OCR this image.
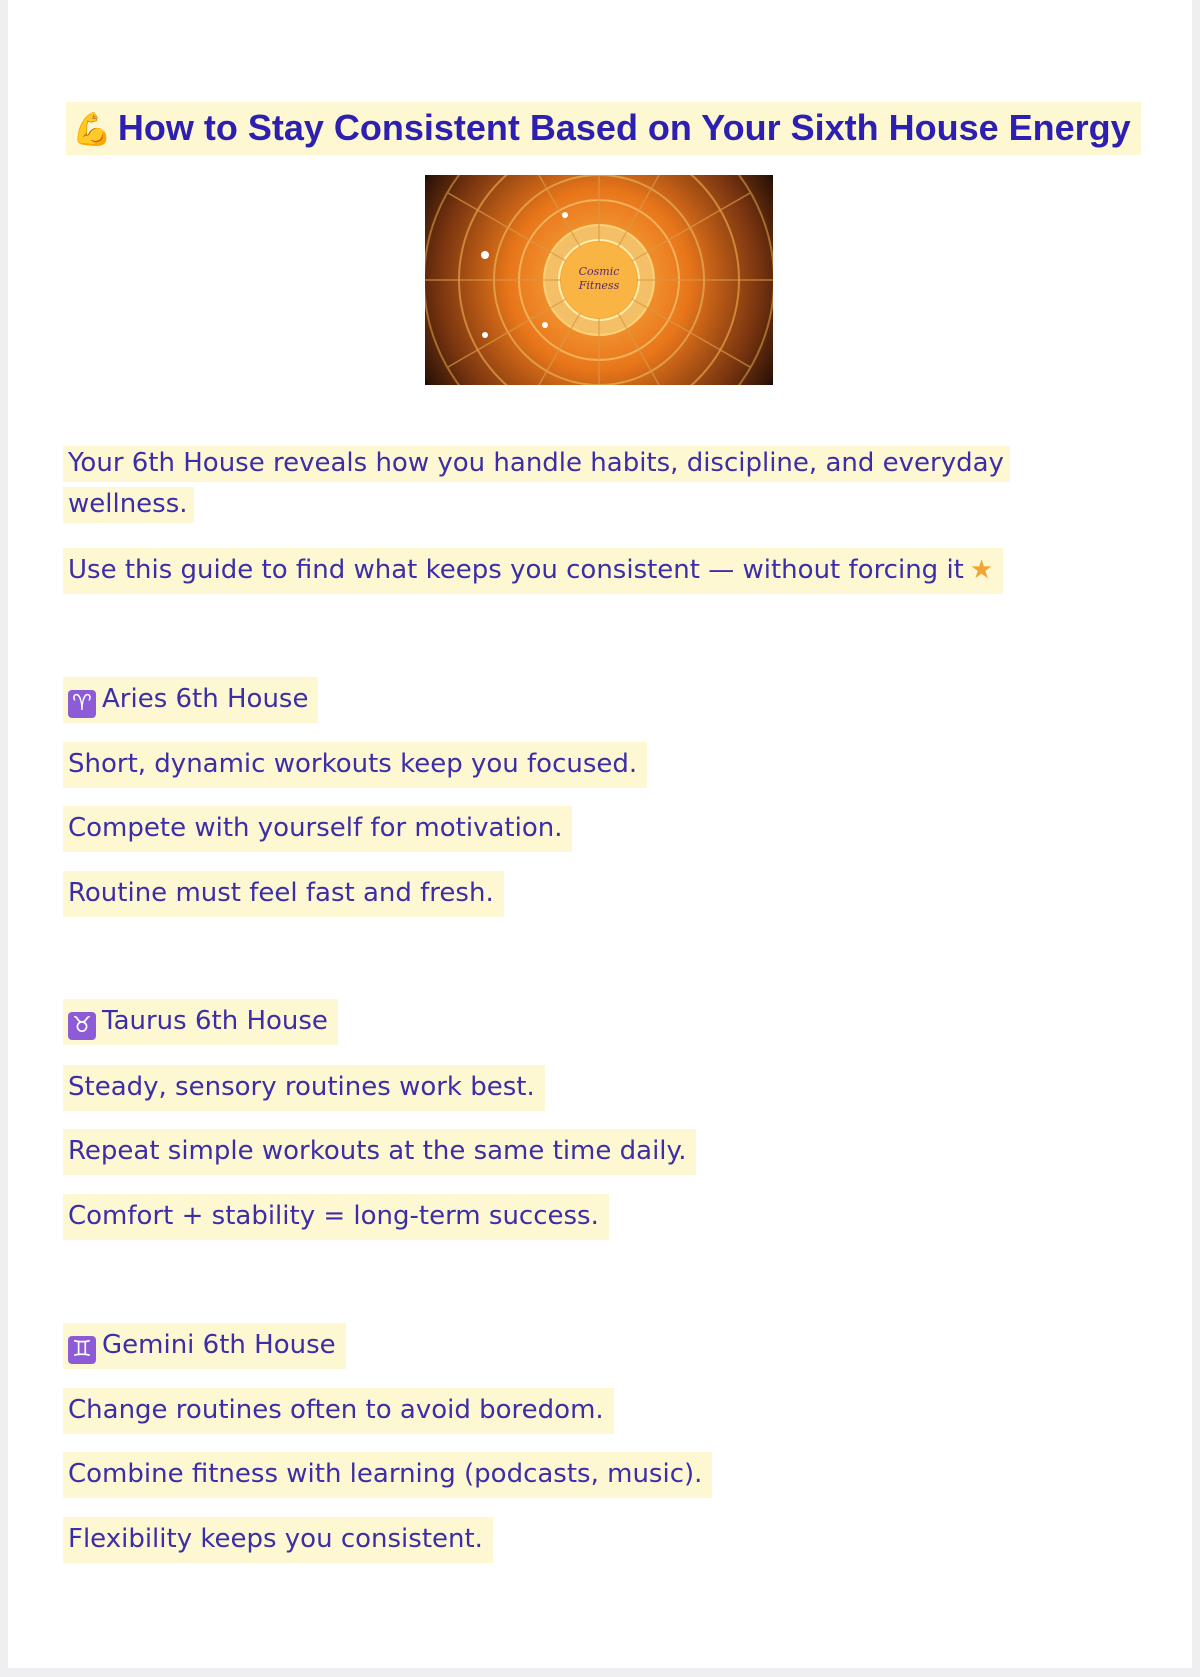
💪 How to Stay Consistent Based on Your Sixth House Energy
Cosmic
Fitness
Your 6th House reveals how you handle habits, discipline, and everyday wellness.
Use this guide to find what keeps you consistent — without forcing it ★
♈ Aries 6th House
Short, dynamic workouts keep you focused.
Compete with yourself for motivation.
Routine must feel fast and fresh.
♉ Taurus 6th House
Steady, sensory routines work best.
Repeat simple workouts at the same time daily.
Comfort + stability = long-term success.
♊ Gemini 6th House
Change routines often to avoid boredom.
Combine fitness with learning (podcasts, music).
Flexibility keeps you consistent.
